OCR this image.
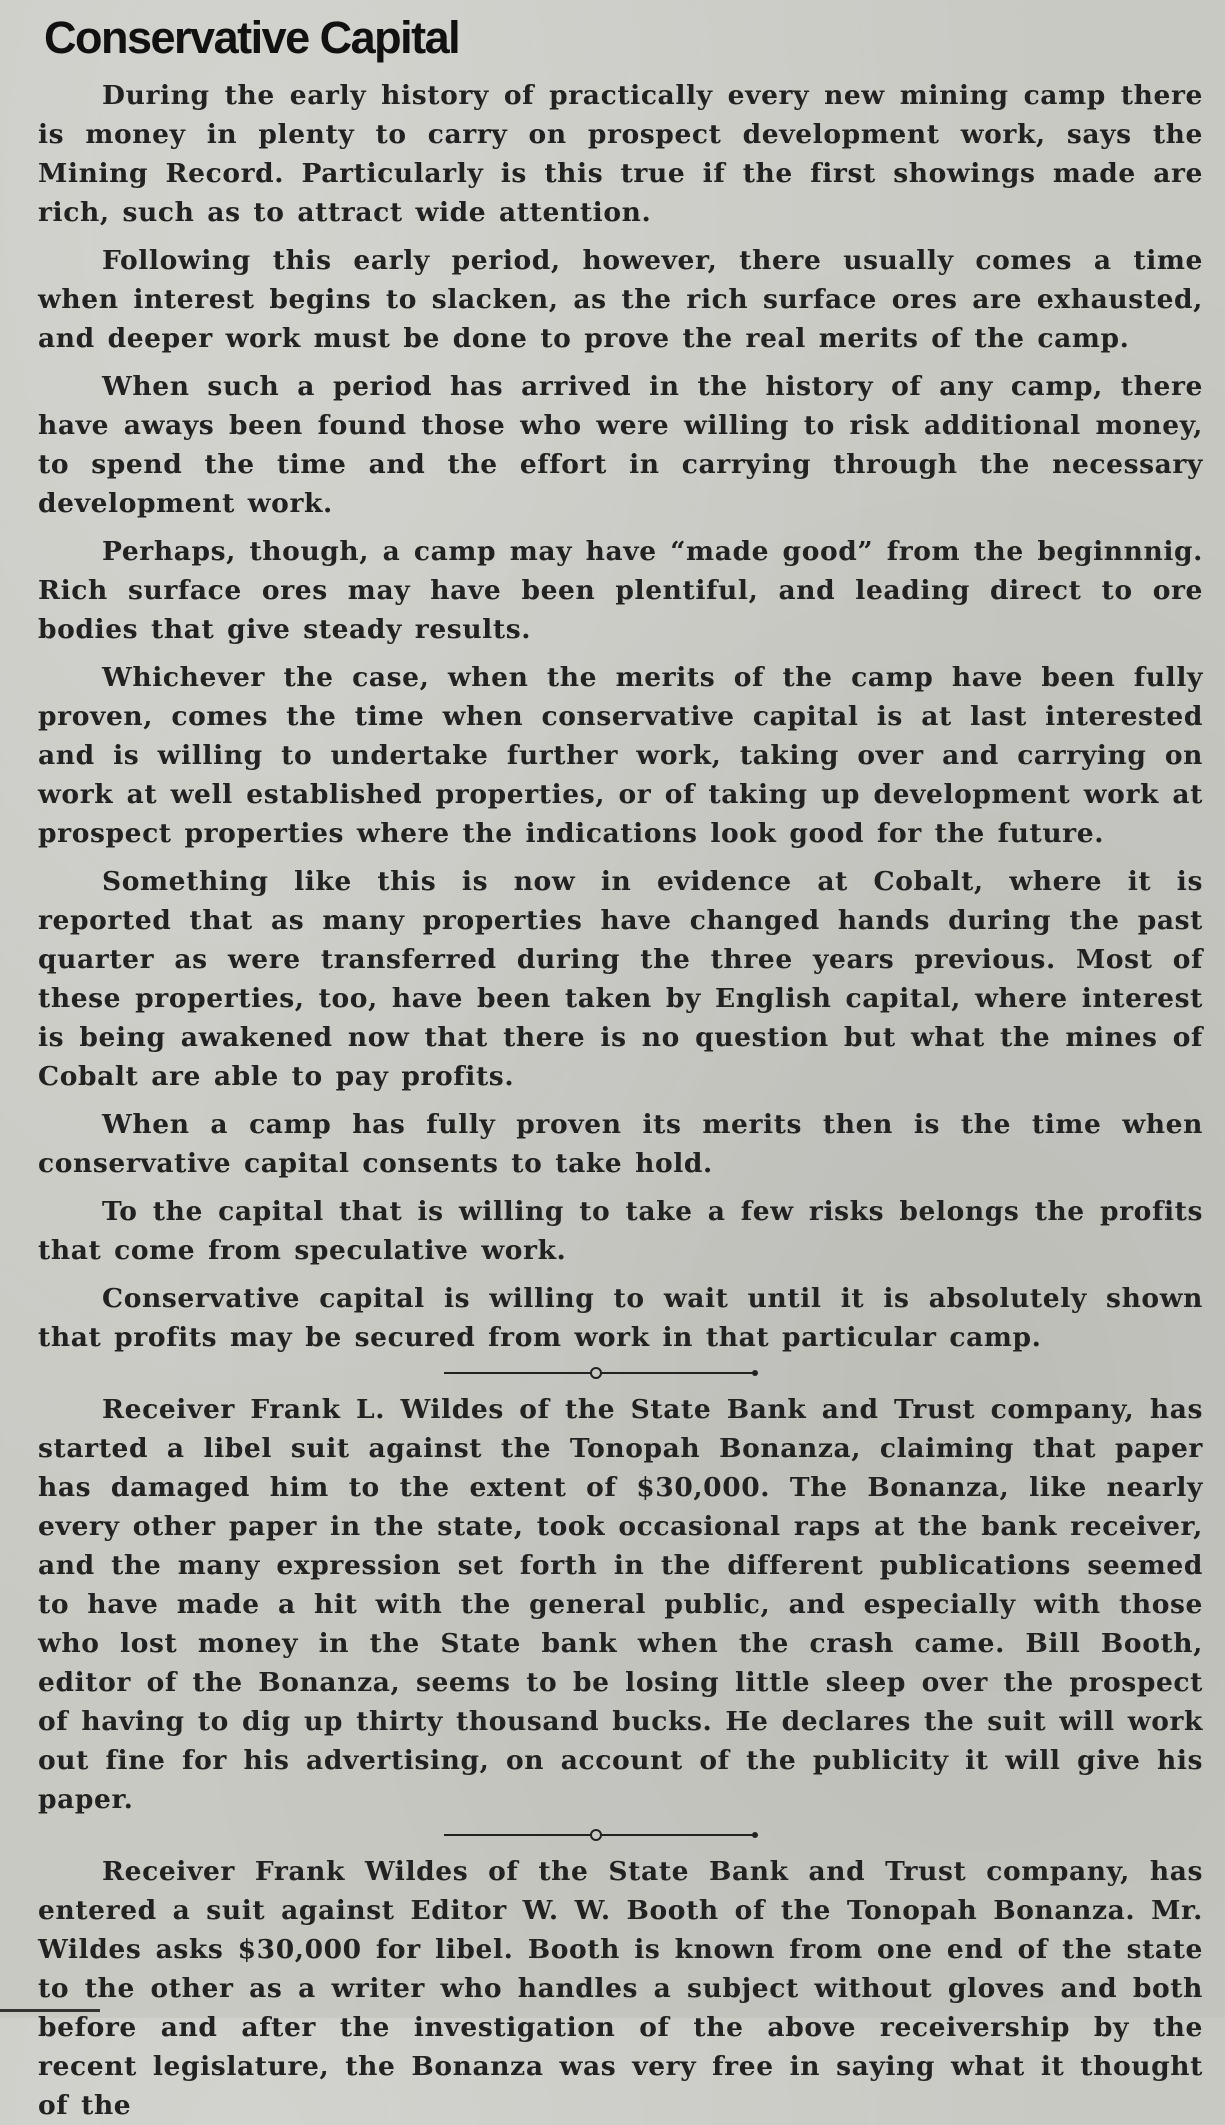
Conservative Capital

During the early history of practically every new mining camp there is money in plenty to carry on prospect development work, says the Mining Record. Particularly is this true if the first showings made are rich, such as to attract wide attention.

Following this early period, however, there usually comes a time when interest begins to slacken, as the rich surface ores are exhausted, and deeper work must be done to prove the real merits of the camp.

When such a period has arrived in the history of any camp, there have aways been found those who were willing to risk additional money, to spend the time and the effort in carrying through the necessary development work.

Perhaps, though, a camp may have “made good” from the beginnnig. Rich surface ores may have been plentiful, and leading direct to ore bodies that give steady results.

Whichever the case, when the merits of the camp have been fully proven, comes the time when conservative capital is at last interested and is willing to undertake further work, taking over and carrying on work at well established properties, or of taking up development work at prospect properties where the indications look good for the future.

Something like this is now in evidence at Cobalt, where it is reported that as many properties have changed hands during the past quarter as were transferred during the three years previous. Most of these properties, too, have been taken by English capital, where interest is being awakened now that there is no question but what the mines of Cobalt are able to pay profits.

When a camp has fully proven its merits then is the time when conservative capital consents to take hold.

To the capital that is willing to take a few risks belongs the profits that come from speculative work.

Conservative capital is willing to wait until it is absolutely shown that profits may be secured from work in that particular camp.

Receiver Frank L. Wildes of the State Bank and Trust company, has started a libel suit against the Tonopah Bonanza, claiming that paper has damaged him to the extent of $30,000. The Bonanza, like nearly every other paper in the state, took occasional raps at the bank receiver, and the many expression set forth in the different publications seemed to have made a hit with the general public, and especially with those who lost money in the State bank when the crash came. Bill Booth, editor of the Bonanza, seems to be losing little sleep over the prospect of having to dig up thirty thousand bucks. He declares the suit will work out fine for his advertising, on account of the publicity it will give his paper.

Receiver Frank Wildes of the State Bank and Trust company, has entered a suit against Editor W. W. Booth of the Tonopah Bonanza. Mr. Wildes asks $30,000 for libel. Booth is known from one end of the state to the other as a writer who handles a subject without gloves and both before and after the investigation of the above receivership by the recent legislature, the Bonanza was very free in saying what it thought of the
